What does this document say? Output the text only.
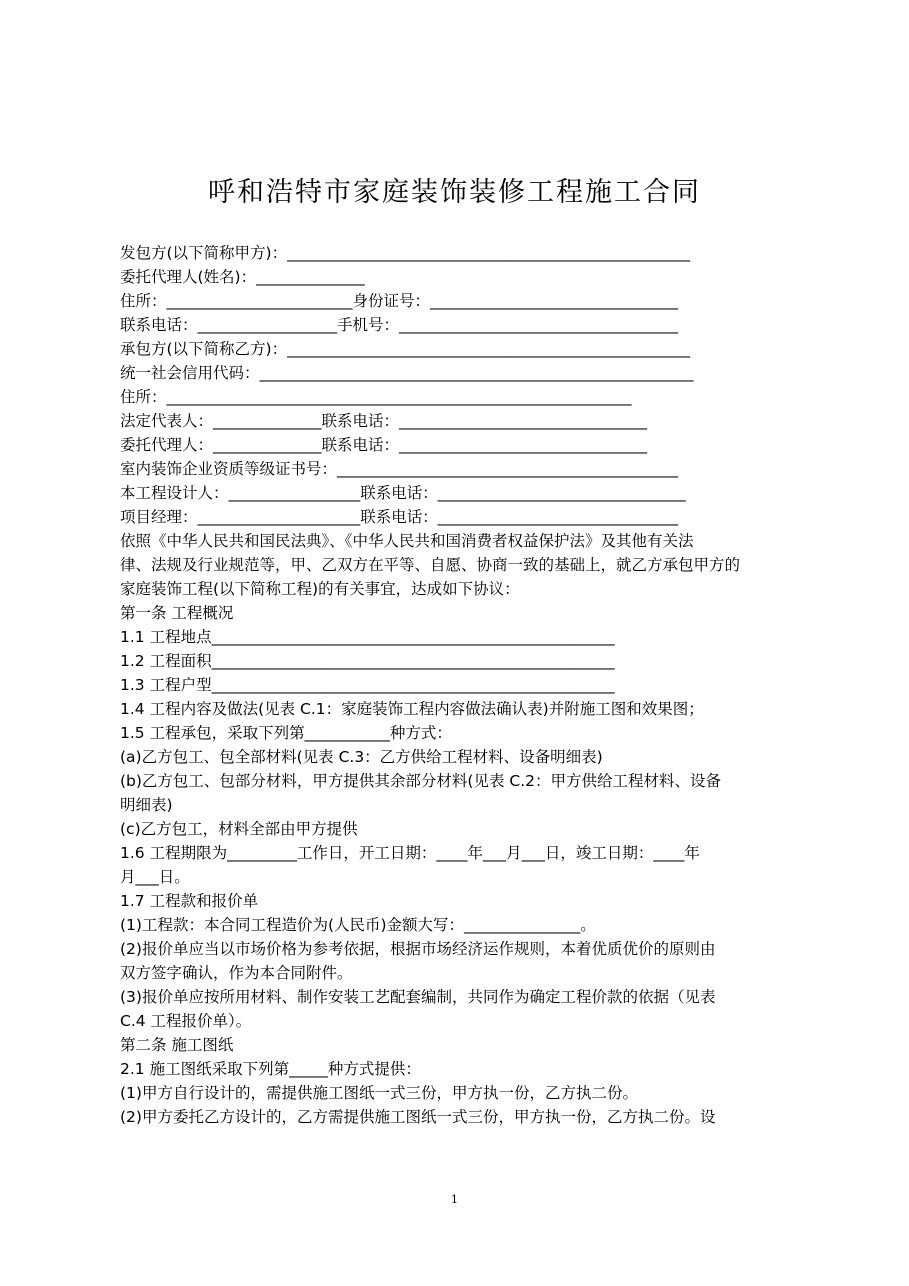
呼和浩特市家庭装饰装修工程施工合同
发包方(以下简称甲方)：____________________________________________________
委托代理人(姓名)：______________
住所：________________________身份证号：________________________________
联系电话：__________________手机号：____________________________________
承包方(以下简称乙方)：____________________________________________________
统一社会信用代码：________________________________________________________
住所：____________________________________________________________
法定代表人：______________联系电话：________________________________
委托代理人：______________联系电话：________________________________
室内装饰企业资质等级证书号：____________________________________________
本工程设计人：_________________联系电话：________________________________
项目经理：_____________________联系电话：_______________________________
依照《中华人民共和国民法典》、《中华人民共和国消费者权益保护法》及其他有关法
律、法规及行业规范等，甲、乙双方在平等、自愿、协商一致的基础上，就乙方承包甲方的
家庭装饰工程(以下简称工程)的有关事宜，达成如下协议：
第一条 工程概况
1.1 工程地点____________________________________________________
1.2 工程面积____________________________________________________
1.3 工程户型____________________________________________________
1.4 工程内容及做法(见表 C.1：家庭装饰工程内容做法确认表)并附施工图和效果图；
1.5 工程承包，采取下列第___________种方式：
(a)乙方包工、包全部材料(见表 C.3：乙方供给工程材料、设备明细表)
(b)乙方包工、包部分材料，甲方提供其余部分材料(见表 C.2：甲方供给工程材料、设备
明细表)
(c)乙方包工，材料全部由甲方提供
1.6 工程期限为_________工作日，开工日期：____年___月___日，竣工日期：____年
月___日。
1.7 工程款和报价单
(1)工程款：本合同工程造价为(人民币)金额大写：_______________。
(2)报价单应当以市场价格为参考依据，根据市场经济运作规则，本着优质优价的原则由
双方签字确认，作为本合同附件。
(3)报价单应按所用材料、制作安装工艺配套编制，共同作为确定工程价款的依据（见表
C.4 工程报价单）。
第二条 施工图纸
2.1 施工图纸采取下列第_____种方式提供：
(1)甲方自行设计的，需提供施工图纸一式三份，甲方执一份，乙方执二份。
(2)甲方委托乙方设计的，乙方需提供施工图纸一式三份，甲方执一份，乙方执二份。设
1
